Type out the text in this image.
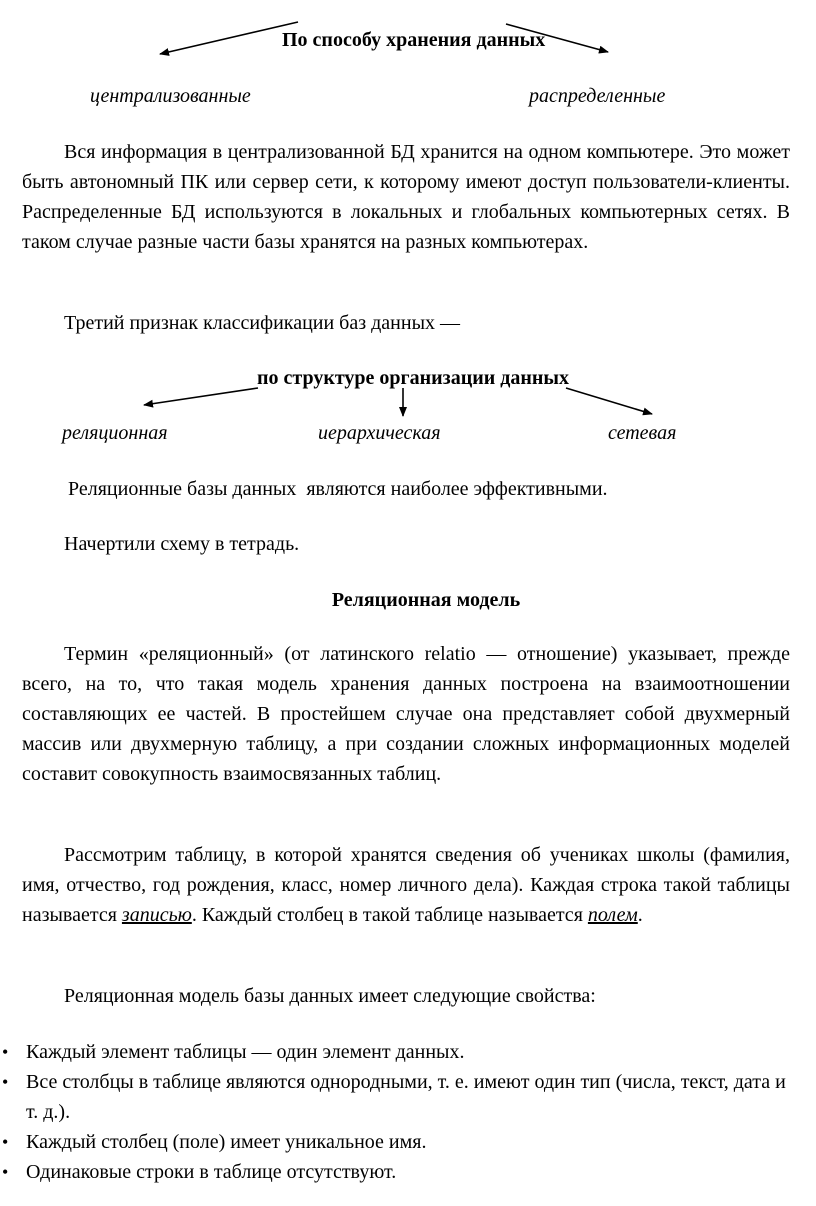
По способу хранения данных
централизованные	распределенные
Вся информация в централизованной БД хранится на одном компьютере. Это может быть автономный ПК или сервер сети, к которому имеют доступ пользователи-клиенты. Распределенные БД используются в локальных и глобальных компьютерных сетях. В таком случае разные части базы хранятся на разных компьютерах.
Третий признак классификации баз данных —
по структуре организации данных
реляционная	иерархическая	сетевая
Реляционные базы данных  являются наиболее эффективными.
Начертили схему в тетрадь.
Реляционная модель
Термин «реляционный» (от латинского relatio — отношение) указывает, прежде всего, на то, что такая модель хранения данных построена на взаимоотношении составляющих ее частей. В простейшем случае она представляет собой двухмерный массив или двухмерную таблицу, а при создании сложных информационных моделей составит совокупность взаимосвязанных таблиц.
Рассмотрим таблицу, в которой хранятся сведения об учениках школы (фамилия, имя, отчество, год рождения, класс, номер личного дела). Каждая строка такой таблицы называется записью. Каждый столбец в такой таблице называется полем.
Реляционная модель базы данных имеет следующие свойства:
• Каждый элемент таблицы — один элемент данных.
• Все столбцы в таблице являются однородными, т. е. имеют один тип (числа, текст, дата и т. д.).
• Каждый столбец (поле) имеет уникальное имя.
• Одинаковые строки в таблице отсутствуют.
